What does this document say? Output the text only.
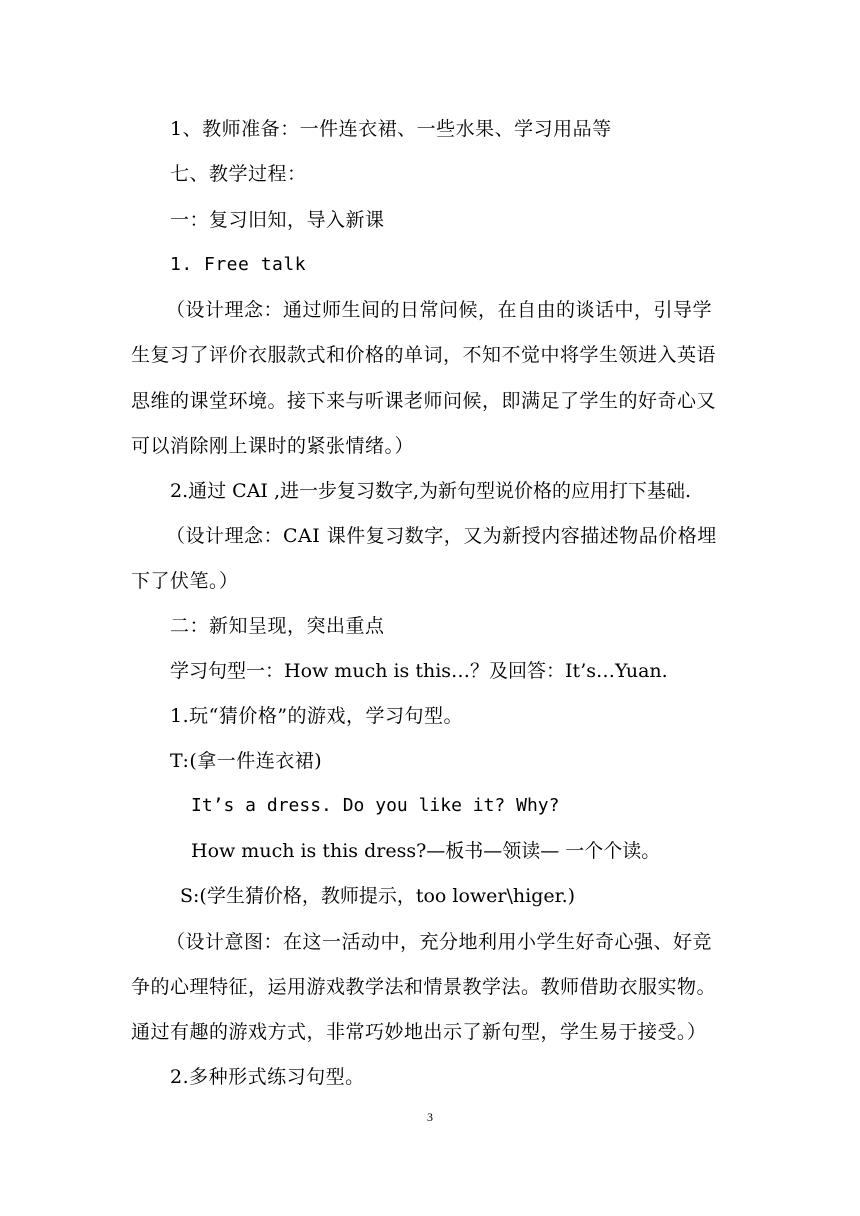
1、教师准备：一件连衣裙、一些水果、学习用品等
七、教学过程：
一：复习旧知，导入新课
1. Free talk
（设计理念：通过师生间的日常问候，在自由的谈话中，引导学
生复习了评价衣服款式和价格的单词，不知不觉中将学生领进入英语
思维的课堂环境。接下来与听课老师问候，即满足了学生的好奇心又
可以消除刚上课时的紧张情绪。）
2.通过 CAI ,进一步复习数字,为新句型说价格的应用打下基础.
（设计理念：CAI 课件复习数字，又为新授内容描述物品价格埋
下了伏笔。）
二：新知呈现，突出重点
学习句型一：How much is this…？及回答：It’s…Yuan.
1.玩“猜价格”的游戏，学习句型。
T:(拿一件连衣裙)
It’s a dress. Do you like it? Why?
How much is this dress?—板书—领读— 一个个读。
S:(学生猜价格，教师提示，too lower\higer.)
（设计意图：在这一活动中，充分地利用小学生好奇心强、好竞
争的心理特征，运用游戏教学法和情景教学法。教师借助衣服实物。
通过有趣的游戏方式，非常巧妙地出示了新句型，学生易于接受。）
2.多种形式练习句型。
3
